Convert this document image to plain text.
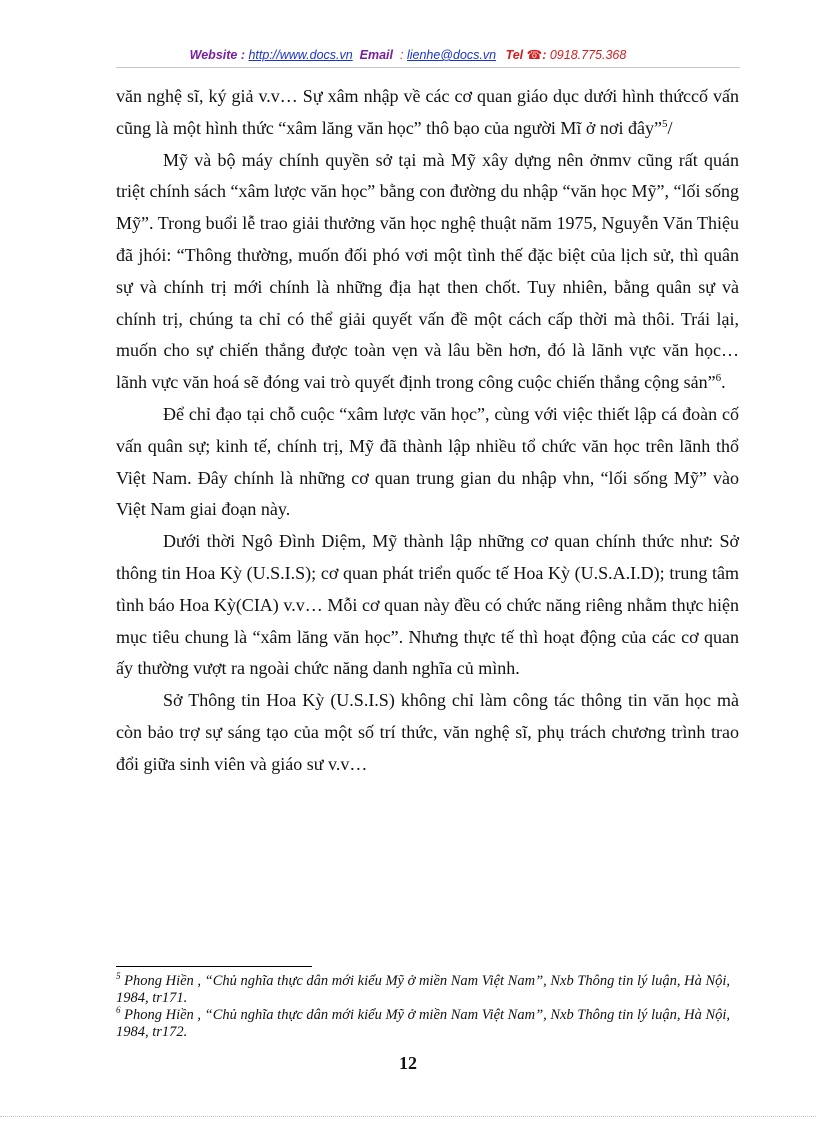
Website : http://www.docs.vn Email : lienhe@docs.vn Tel ☎: 0918.775.368

văn nghệ sĩ, ký giả v.v… Sự xâm nhập về các cơ quan giáo dục dưới hình thứccố vấn cũng là một hình thức “xâm lăng văn học” thô bạo của người Mĩ ở nơi đây”$^5$/

Mỹ và bộ máy chính quyền sở tại mà Mỹ xây dựng nên ởnmv cũng rất quán triệt chính sách “xâm lược văn học” bằng con đường du nhập “văn học Mỹ”, “lối sống Mỹ”. Trong buổi lễ trao giải thưởng văn học nghệ thuật năm 1975, Nguyễn Văn Thiệu đã jhói: “Thông thường, muốn đối phó vơi một tình thế đặc biệt của lịch sử, thì quân sự và chính trị mới chính là những địa hạt then chốt. Tuy nhiên, bằng quân sự và chính trị, chúng ta chỉ có thể giải quyết vấn đề một cách cấp thời mà thôi. Trái lại, muốn cho sự chiến thắng được toàn vẹn và lâu bền hơn, đó là lãnh vực văn học… lãnh vực văn hoá sẽ đóng vai trò quyết định trong công cuộc chiến thắng cộng sản”$^6$.

Để chỉ đạo tại chỗ cuộc “xâm lược văn học”, cùng với việc thiết lập cá đoàn cố vấn quân sự; kinh tế, chính trị, Mỹ đã thành lập nhiều tổ chức văn học trên lãnh thổ Việt Nam. Đây chính là những cơ quan trung gian du nhập vhn, “lối sống Mỹ” vào Việt Nam giai đoạn này.

Dưới thời Ngô Đình Diệm, Mỹ thành lập những cơ quan chính thức như: Sở thông tin Hoa Kỳ (U.S.I.S); cơ quan phát triển quốc tế Hoa Kỳ (U.S.A.I.D); trung tâm tình báo Hoa Kỳ(CIA) v.v… Mỗi cơ quan này đều có chức năng riêng nhằm thực hiện mục tiêu chung là “xâm lăng văn học”. Nhưng thực tế thì hoạt động của các cơ quan ấy thường vượt ra ngoài chức năng danh nghĩa củ mình.

Sở Thông tin Hoa Kỳ (U.S.I.S) không chỉ làm công tác thông tin văn học mà còn bảo trợ sự sáng tạo của một số trí thức, văn nghệ sĩ, phụ trách chương trình trao đổi giữa sinh viên và giáo sư v.v…

$^5$ Phong Hiền , “Chủ nghĩa thực dân mới kiểu Mỹ ở miền Nam Việt Nam”, Nxb Thông tin lý luận, Hà Nội, 1984, tr171.

$^6$ Phong Hiền , “Chủ nghĩa thực dân mới kiểu Mỹ ở miền Nam Việt Nam”, Nxb Thông tin lý luận, Hà Nội, 1984, tr172.

12
